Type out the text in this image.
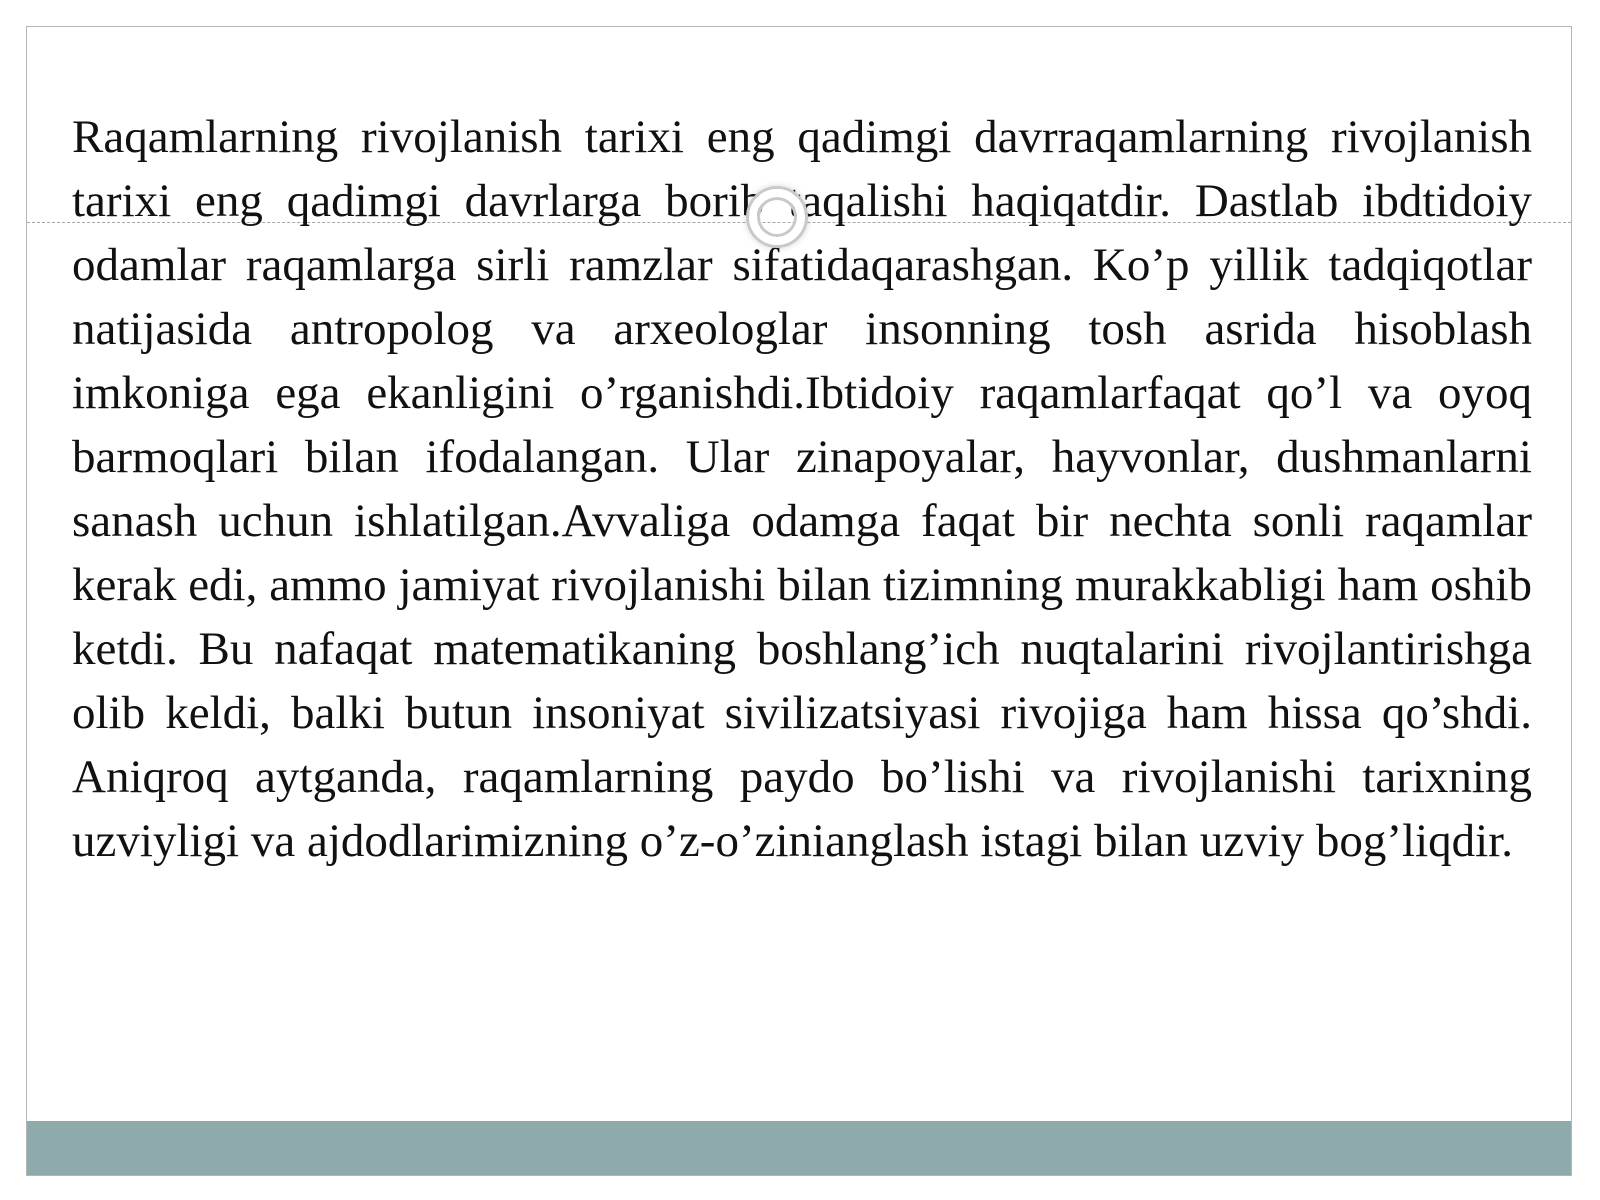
Raqamlarning rivojlanish tarixi eng qadimgi davrraqamlarning rivojlanish tarixi eng qadimgi davrlarga borib taqalishi haqiqatdir. Dastlab ibdtidoiy odamlar raqamlarga sirli ramzlar sifatidaqarashgan. Ko’p yillik tadqiqotlar natijasida antropolog va arxeologlar insonning tosh asrida hisoblash imkoniga ega ekanligini o’rganishdi.Ibtidoiy raqamlarfaqat qo’l va oyoq barmoqlari bilan ifodalangan. Ular zinapoyalar, hayvonlar, dushmanlarni sanash uchun ishlatilgan.Avvaliga odamga faqat bir nechta sonli raqamlar kerak edi, ammo jamiyat rivojlanishi bilan tizimning murakkabligi ham oshib ketdi. Bu nafaqat matematikaning boshlang’ich nuqtalarini rivojlantirishga olib keldi, balki butun insoniyat sivilizatsiyasi rivojiga ham hissa qo’shdi. Aniqroq aytganda, raqamlarning paydo bo’lishi va rivojlanishi tarixning uzviyligi va ajdodlarimizning o’z-o’zinianglash istagi bilan uzviy bog’liqdir.
